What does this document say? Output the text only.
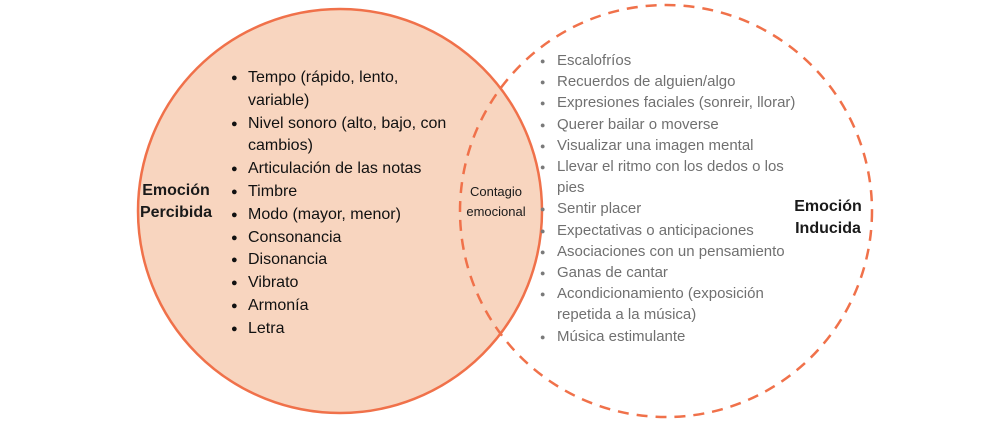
Emoción
Percibida
● Tempo (rápido, lento, variable)
● Nivel sonoro (alto, bajo, con cambios)
● Articulación de las notas
● Timbre
● Modo (mayor, menor)
● Consonancia
● Disonancia
● Vibrato
● Armonía
● Letra
Contagio
emocional
● Escalofríos
● Recuerdos de alguien/algo
● Expresiones faciales (sonreir, llorar)
● Querer bailar o moverse
● Visualizar una imagen mental
● Llevar el ritmo con los dedos o los pies
● Sentir placer
● Expectativas o anticipaciones
● Asociaciones con un pensamiento
● Ganas de cantar
● Acondicionamiento (exposición repetida a la música)
● Música estimulante
Emoción
Inducida
